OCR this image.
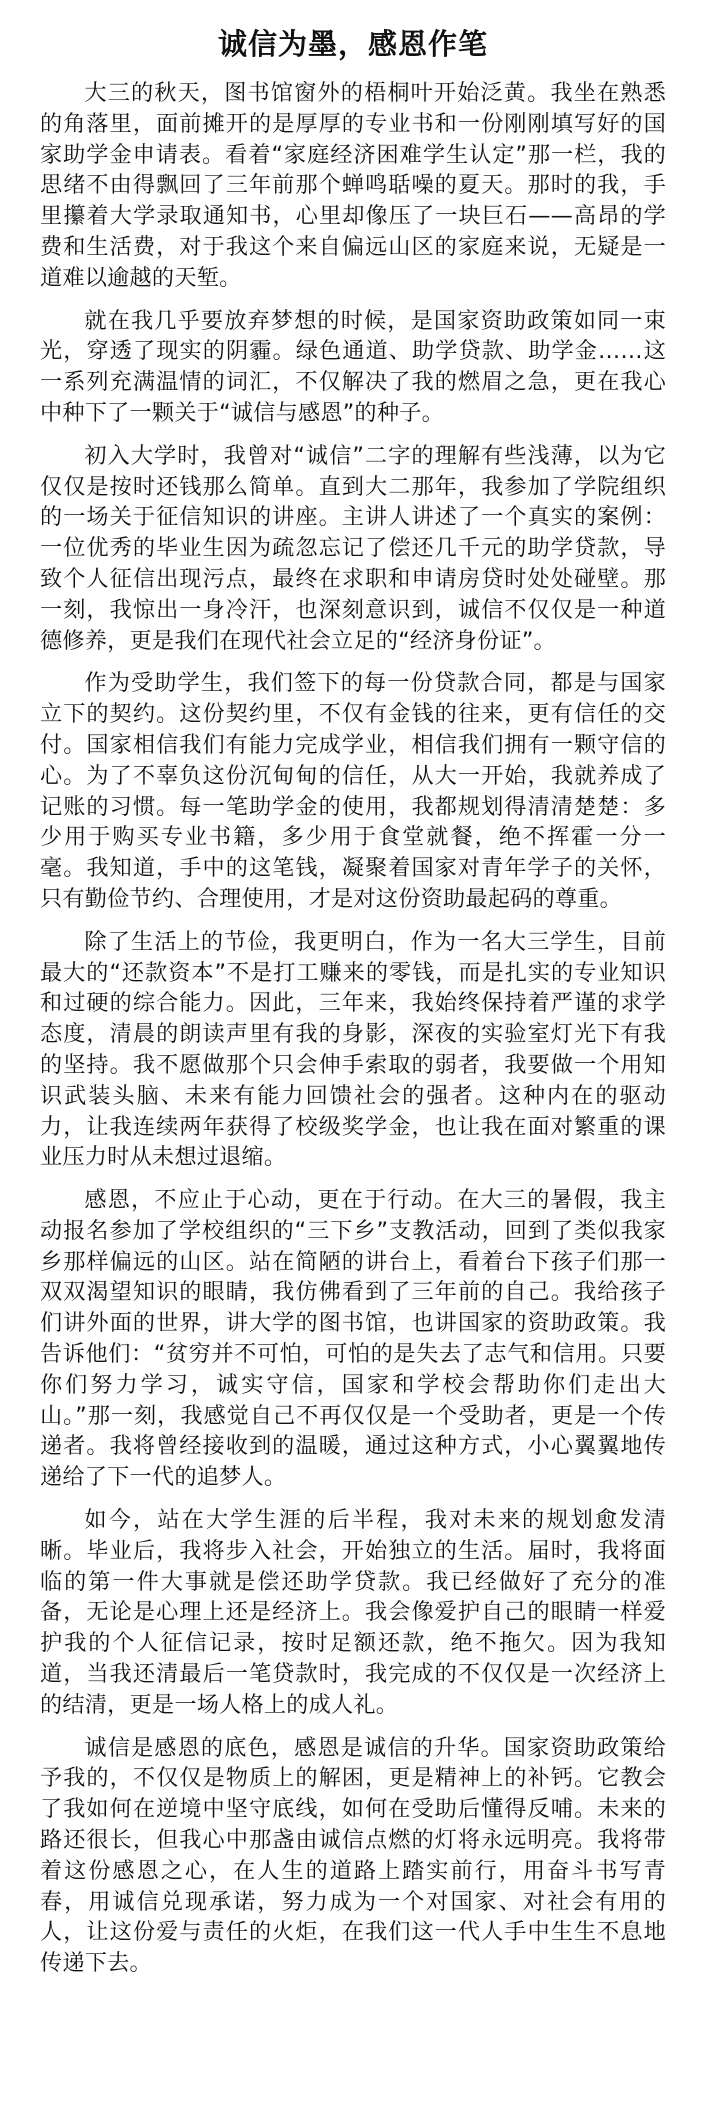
诚信为墨，感恩作笔

大三的秋天，图书馆窗外的梧桐叶开始泛黄。我坐在熟悉的角落里，面前摊开的是厚厚的专业书和一份刚刚填写好的国家助学金申请表。看着“家庭经济困难学生认定”那一栏，我的思绪不由得飘回了三年前那个蝉鸣聒噪的夏天。那时的我，手里攥着大学录取通知书，心里却像压了一块巨石——高昂的学费和生活费，对于我这个来自偏远山区的家庭来说，无疑是一道难以逾越的天堑。

就在我几乎要放弃梦想的时候，是国家资助政策如同一束光，穿透了现实的阴霾。绿色通道、助学贷款、助学金……这一系列充满温情的词汇，不仅解决了我的燃眉之急，更在我心中种下了一颗关于“诚信与感恩”的种子。

初入大学时，我曾对“诚信”二字的理解有些浅薄，以为它仅仅是按时还钱那么简单。直到大二那年，我参加了学院组织的一场关于征信知识的讲座。主讲人讲述了一个真实的案例：一位优秀的毕业生因为疏忽忘记了偿还几千元的助学贷款，导致个人征信出现污点，最终在求职和申请房贷时处处碰壁。那一刻，我惊出一身冷汗，也深刻意识到，诚信不仅仅是一种道德修养，更是我们在现代社会立足的“经济身份证”。

作为受助学生，我们签下的每一份贷款合同，都是与国家立下的契约。这份契约里，不仅有金钱的往来，更有信任的交付。国家相信我们有能力完成学业，相信我们拥有一颗守信的心。为了不辜负这份沉甸甸的信任，从大一开始，我就养成了记账的习惯。每一笔助学金的使用，我都规划得清清楚楚：多少用于购买专业书籍，多少用于食堂就餐，绝不挥霍一分一毫。我知道，手中的这笔钱，凝聚着国家对青年学子的关怀，只有勤俭节约、合理使用，才是对这份资助最起码的尊重。

除了生活上的节俭，我更明白，作为一名大三学生，目前最大的“还款资本”不是打工赚来的零钱，而是扎实的专业知识和过硬的综合能力。因此，三年来，我始终保持着严谨的求学态度，清晨的朗读声里有我的身影，深夜的实验室灯光下有我的坚持。我不愿做那个只会伸手索取的弱者，我要做一个用知识武装头脑、未来有能力回馈社会的强者。这种内在的驱动力，让我连续两年获得了校级奖学金，也让我在面对繁重的课业压力时从未想过退缩。

感恩，不应止于心动，更在于行动。在大三的暑假，我主动报名参加了学校组织的“三下乡”支教活动，回到了类似我家乡那样偏远的山区。站在简陋的讲台上，看着台下孩子们那一双双渴望知识的眼睛，我仿佛看到了三年前的自己。我给孩子们讲外面的世界，讲大学的图书馆，也讲国家的资助政策。我告诉他们：“贫穷并不可怕，可怕的是失去了志气和信用。只要你们努力学习，诚实守信，国家和学校会帮助你们走出大山。”那一刻，我感觉自己不再仅仅是一个受助者，更是一个传递者。我将曾经接收到的温暖，通过这种方式，小心翼翼地传递给了下一代的追梦人。

如今，站在大学生涯的后半程，我对未来的规划愈发清晰。毕业后，我将步入社会，开始独立的生活。届时，我将面临的第一件大事就是偿还助学贷款。我已经做好了充分的准备，无论是心理上还是经济上。我会像爱护自己的眼睛一样爱护我的个人征信记录，按时足额还款，绝不拖欠。因为我知道，当我还清最后一笔贷款时，我完成的不仅仅是一次经济上的结清，更是一场人格上的成人礼。

诚信是感恩的底色，感恩是诚信的升华。国家资助政策给予我的，不仅仅是物质上的解困，更是精神上的补钙。它教会了我如何在逆境中坚守底线，如何在受助后懂得反哺。未来的路还很长，但我心中那盏由诚信点燃的灯将永远明亮。我将带着这份感恩之心，在人生的道路上踏实前行，用奋斗书写青春，用诚信兑现承诺，努力成为一个对国家、对社会有用的人，让这份爱与责任的火炬，在我们这一代人手中生生不息地传递下去。
